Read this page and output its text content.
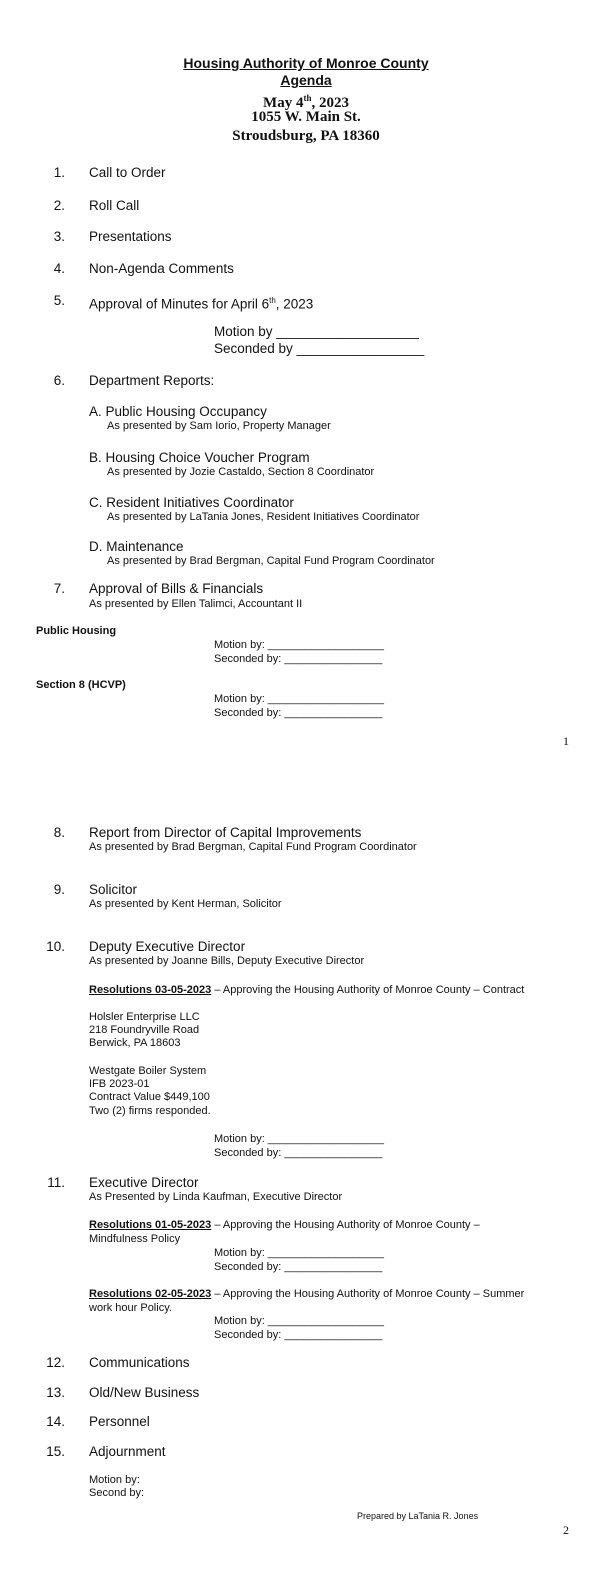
Housing Authority of Monroe County
Agenda
May 4th, 2023
1055 W. Main St.
Stroudsburg, PA 18360
1. Call to Order
2. Roll Call
3. Presentations
4. Non-Agenda Comments
5. Approval of Minutes for April 6th, 2023
Motion by ___________________
Seconded by _________________
6. Department Reports:
A. Public Housing Occupancy
As presented by Sam Iorio, Property Manager
B. Housing Choice Voucher Program
As presented by Jozie Castaldo, Section 8 Coordinator
C. Resident Initiatives Coordinator
As presented by LaTania Jones, Resident Initiatives Coordinator
D. Maintenance
As presented by Brad Bergman, Capital Fund Program Coordinator
7. Approval of Bills & Financials
As presented by Ellen Talimci, Accountant II
Public Housing
Motion by: ___________________
Seconded by: ________________
Section 8 (HCVP)
Motion by: ___________________
Seconded by: ________________
1
8. Report from Director of Capital Improvements
As presented by Brad Bergman, Capital Fund Program Coordinator
9. Solicitor
As presented by Kent Herman, Solicitor
10. Deputy Executive Director
As presented by Joanne Bills, Deputy Executive Director
Resolutions 03-05-2023 – Approving the Housing Authority of Monroe County – Contract
Holsler Enterprise LLC
218 Foundryville Road
Berwick, PA 18603
Westgate Boiler System
IFB 2023-01
Contract Value $449,100
Two (2) firms responded.
Motion by: ___________________
Seconded by: ________________
11. Executive Director
As Presented by Linda Kaufman, Executive Director
Resolutions 01-05-2023 – Approving the Housing Authority of Monroe County –
Mindfulness Policy
Motion by: ___________________
Seconded by: ________________
Resolutions 02-05-2023 – Approving the Housing Authority of Monroe County – Summer
work hour Policy.
Motion by: ___________________
Seconded by: ________________
12. Communications
13. Old/New Business
14. Personnel
15. Adjournment
Motion by:
Second by:
Prepared by LaTania R. Jones
2
